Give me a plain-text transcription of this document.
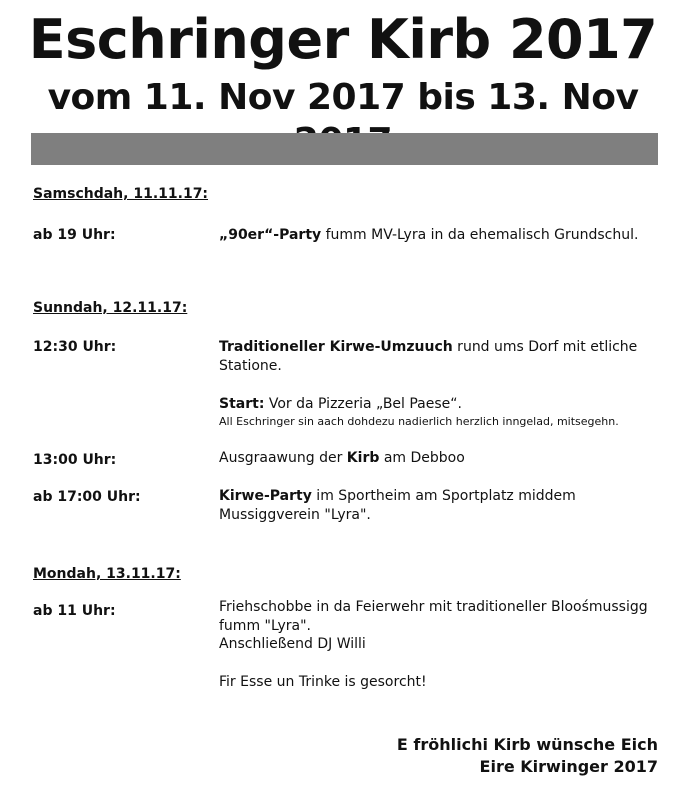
Eschringer Kirb 2017
vom 11. Nov 2017 bis 13. Nov
Samschdah, 11.11.17:
ab 19 Uhr:	„90er“-Party fumm MV-Lyra in da ehemalisch Grundschul.
Sunndah, 12.11.17:
12:30 Uhr:	Traditioneller Kirwe-Umzuuch rund ums Dorf mit etliche Statione.
Start: Vor da Pizzeria „Bel Paese“.
All Eschringer sin aach dohdezu nadierlich herzlich inngelad, mitsegehn.
13:00 Uhr:	Ausgraawung der Kirb am Debboo
ab 17:00 Uhr:	Kirwe-Party im Sportheim am Sportplatz middem Mussiggverein "Lyra".
Mondah, 13.11.17:
ab 11 Uhr:	Friehschobbe in da Feierwehr mit traditioneller Bloośmussigg fumm "Lyra".
Anschließend DJ Willi
Fir Esse un Trinke is gesorcht!
E fröhlichi Kirb wünsche Eich
Eire Kirwinger 2017
